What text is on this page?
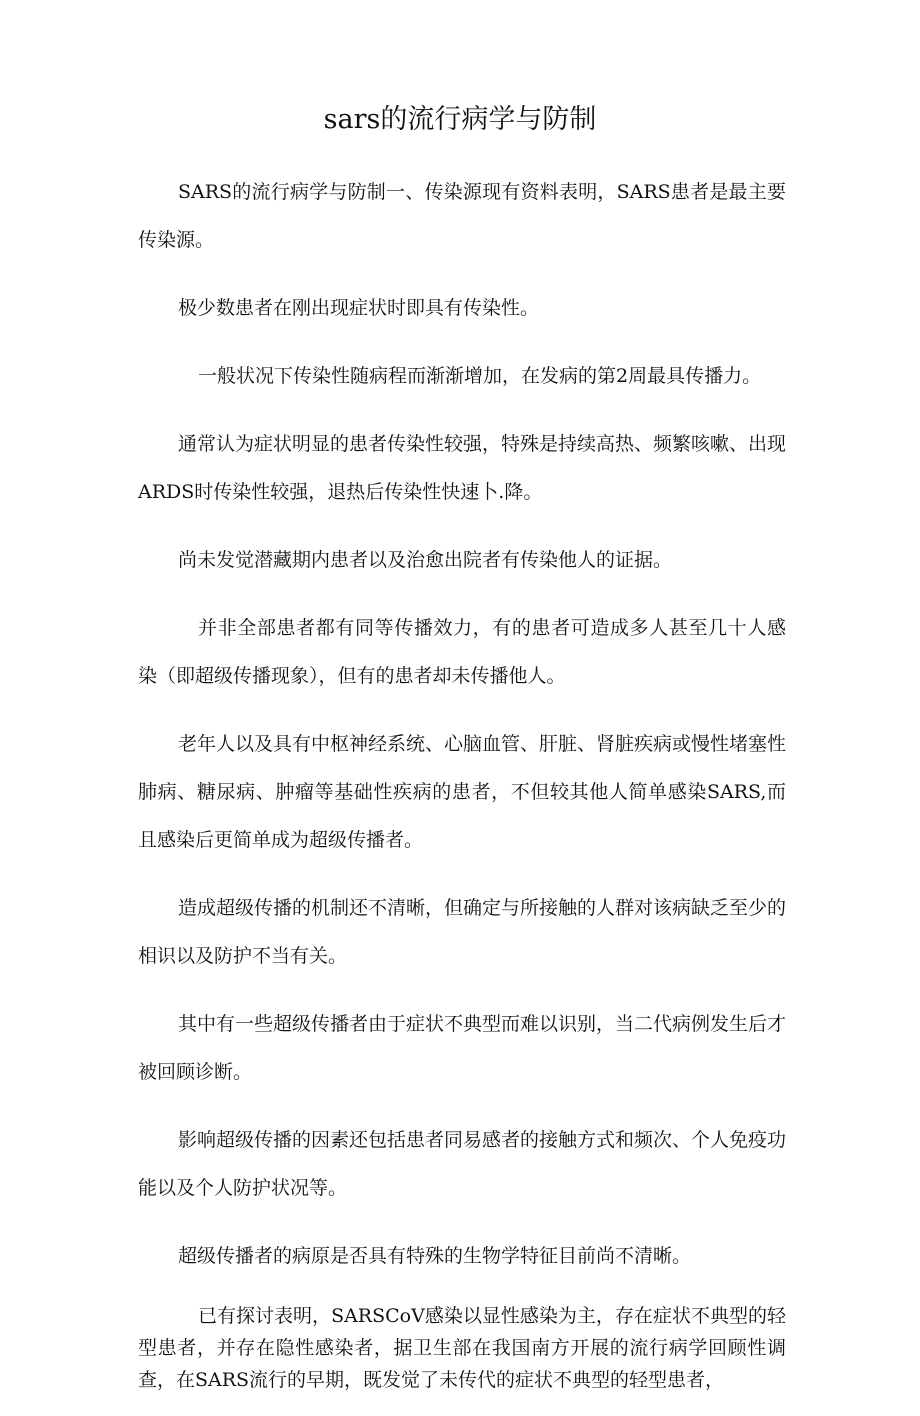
sars的流行病学与防制

SARS的流行病学与防制一、传染源现有资料表明，SARS患者是最主要传染源。

极少数患者在刚出现症状时即具有传染性。

一般状况下传染性随病程而渐渐增加，在发病的第2周最具传播力。

通常认为症状明显的患者传染性较强，特殊是持续高热、频繁咳嗽、出现ARDS时传染性较强，退热后传染性快速卜.降。

尚未发觉潜藏期内患者以及治愈出院者有传染他人的证据。

并非全部患者都有同等传播效力，有的患者可造成多人甚至几十人感染（即超级传播现象），但有的患者却未传播他人。

老年人以及具有中枢神经系统、心脑血管、肝脏、肾脏疾病或慢性堵塞性肺病、糖尿病、肿瘤等基础性疾病的患者，不但较其他人简单感染SARS,而且感染后更简单成为超级传播者。

造成超级传播的机制还不清晰，但确定与所接触的人群对该病缺乏至少的相识以及防护不当有关。

其中有一些超级传播者由于症状不典型而难以识别，当二代病例发生后才被回顾诊断。

影响超级传播的因素还包括患者同易感者的接触方式和频次、个人免疫功能以及个人防护状况等。

超级传播者的病原是否具有特殊的生物学特征目前尚不清晰。

已有探讨表明，SARSCoV感染以显性感染为主，存在症状不典型的轻型患者，并存在隐性感染者，据卫生部在我国南方开展的流行病学回顾性调查，在SARS流行的早期，既发觉了未传代的症状不典型的轻型患者，
